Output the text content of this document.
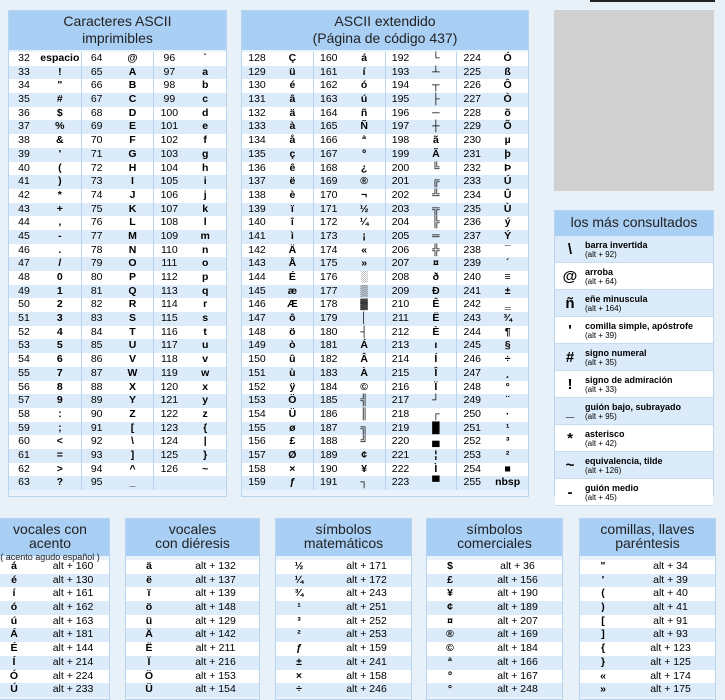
Caracteres ASCII
imprimibles
32 espacio
33	!
34	"
35	#
36	$
37	%
38	&
39	'
40	(
41	)
42	*
43	+
44	,
45	-
46	.
47	/
48	0
49	1
50	2
51	3
52	4
53	5
54	6
55	7
56	8
57	9
58	:
59	;
60	<
61	=
62	>
63	?
64	@
65	A
66	B
67	C
68	D
69	E
70	F
71	G
72	H
73	I
74	J
75	K
76	L
77	M
78	N
79	O
80	P
81	Q
82	R
83	S
84	T
85	U
86	V
87	W
88	X
89	Y
90	Z
91	[
92	\
93	]
94	^
95	_
96	`
97	a
98	b
99	c
100	d
101	e
102	f
103	g
104	h
105	i
106	j
107	k
108	l
109	m
110	n
111	o
112	p
113	q
114	r
115	s
116	t
117	u
118	v
119	w
120	x
121	y
122	z
123	{
124	|
125	}
126	~
ASCII extendido
(Página de código 437)
128	Ç
129	ü
130	é
131	â
132	ä
133	à
134	å
135	ç
136	ê
137	ë
138	è
139	ï
140	î
141	ì
142	Ä
143	Å
144	É
145	æ
146	Æ
147	ô
148	ö
149	ò
150	û
151	ù
152	ÿ
153	Ö
154	Ü
155	ø
156	£
157	Ø
158	×
159	ƒ
160	á
161	í
162	ó
163	ú
164	ñ
165	Ñ
166	ª
167	º
168	¿
169	®
170	¬
171	½
172	¼
173	¡
174	«
175	»
176	░
177	▒
178	▓
179	│
180	┤
181	Á
182	Â
183	À
184	©
185	╣
186	║
187	╗
188	╝
189	¢
190	¥
191	┐
192	└
193	┴
194	┬
195	├
196	─
197	┼
198	ã
199	Ã
200	╚
201	╔
202	╩
203	╦
204	╠
205	═
206	╬
207	¤
208	ð
209	Ð
210	Ê
211	Ë
212	È
213	ı
214	Í
215	Î
216	Ï
217	┘
218	┌
219	█
220	▄
221	¦
222	Ì
223	▀
224	Ó
225	ß
226	Ô
227	Ò
228	õ
229	Õ
230	µ
231	þ
232	Þ
233	Ú
234	Û
235	Ù
236	ý
237	Ý
238	¯
239	´
240	≡
241	±
242	‗
243	¾
244	¶
245	§
246	÷
247	¸
248	°
249	¨
250	·
251	¹
252	³
253	²
254	■
255	nbsp
los más consultados
\	barra invertida
(alt + 92)
@ arroba
(alt + 64)
ñ	eñe minuscula
(alt + 164)
'	comilla simple, apóstrofe
(alt + 39)
#	signo numeral
(alt + 35)
!	signo de admiración
(alt + 33)
_	guión bajo, subrayado
(alt + 95)
*	asterisco
(alt + 42)
~	equivalencia, tilde
(alt + 126)
-	guión medio
(alt + 45)
vocales con acento
( acento agudo español )
á	alt + 160
é	alt + 130
í	alt + 161
ó	alt + 162
ú	alt + 163
Á	alt + 181
É	alt + 144
Í	alt + 214
Ó	alt + 224
Ú	alt + 233
vocales
con diéresis
ä	alt + 132
ë	alt + 137
ï	alt + 139
ö	alt + 148
ü	alt + 129
Ä	alt + 142
Ë	alt + 211
Ï	alt + 216
Ö	alt + 153
Ü	alt + 154
símbolos
matemáticos
½	alt + 171
¼	alt + 172
¾	alt + 243
¹	alt + 251
³	alt + 252
²	alt + 253
ƒ	alt + 159
±	alt + 241
×	alt + 158
÷	alt + 246
símbolos
comerciales
$	alt + 36
£	alt + 156
¥	alt + 190
¢	alt + 189
¤	alt + 207
®	alt + 169
©	alt + 184
ª	alt + 166
º	alt + 167
°	alt + 248
comillas, llaves
paréntesis
"	alt + 34
'	alt + 39
(	alt + 40
)	alt + 41
[	alt + 91
]	alt + 93
{	alt + 123
}	alt + 125
«	alt + 174
»	alt + 175
